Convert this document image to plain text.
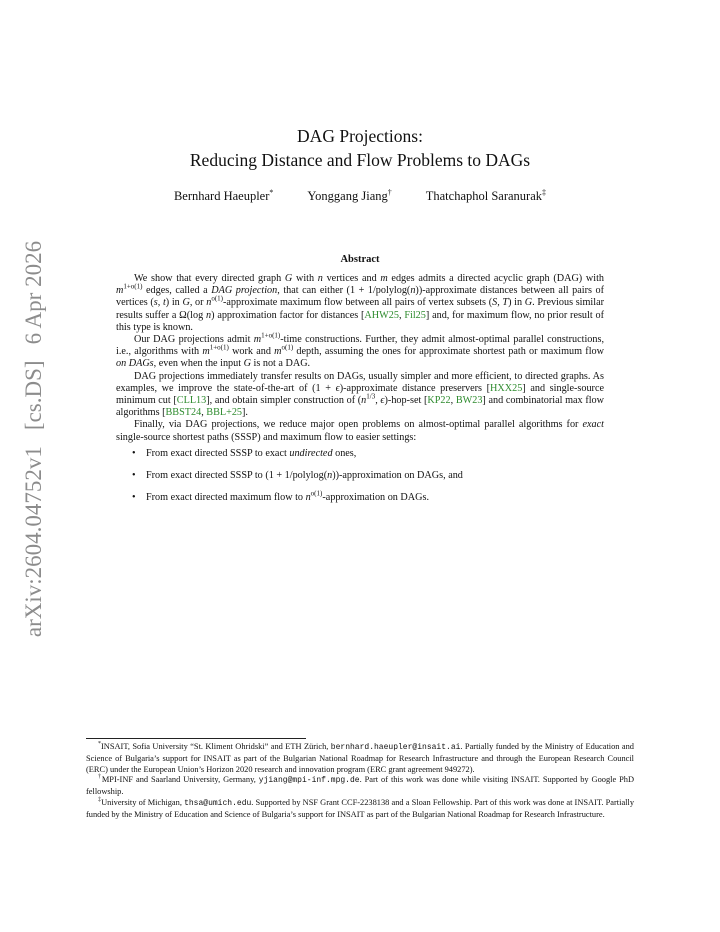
arXiv:2604.04752v1
[cs.DS]
6 Apr 2026
DAG Projections:
Reducing Distance and Flow Problems to DAGs
Bernhard Haeupler*	Yonggang Jiang†	Thatchaphol Saranurak‡
Abstract

We show that every directed graph G with n vertices and m edges admits a directed acyclic graph (DAG) with $m^{1+o(1)}$ edges, called a DAG projection, that can either (1 + 1/polylog(n))-approximate distances between all pairs of vertices (s, t) in G, or $n^{o(1)}$-approximate maximum flow between all pairs of vertex subsets (S, T) in G. Previous similar results suffer a Ω(log n) approximation factor for distances [AHW25, Fil25] and, for maximum flow, no prior result of this type is known.

Our DAG projections admit $m^{1+o(1)}$-time constructions. Further, they admit almost-optimal parallel constructions, i.e., algorithms with $m^{1+o(1)}$ work and $m^{o(1)}$ depth, assuming the ones for approximate shortest path or maximum flow on DAGs, even when the input G is not a DAG.

DAG projections immediately transfer results on DAGs, usually simpler and more efficient, to directed graphs. As examples, we improve the state-of-the-art of (1 + ϵ)-approximate distance preservers [HXX25] and single-source minimum cut [CLL13], and obtain simpler construction of ($n^{1/3}$, ϵ)-hop-set [KP22, BW23] and combinatorial max flow algorithms [BBST24, BBL+25].

Finally, via DAG projections, we reduce major open problems on almost-optimal parallel algorithms for exact single-source shortest paths (SSSP) and maximum flow to easier settings:

• From exact directed SSSP to exact undirected ones,
• From exact directed SSSP to (1 + 1/polylog(n))-approximation on DAGs, and
• From exact directed maximum flow to $n^{o(1)}$-approximation on DAGs.

*INSAIT, Sofia University “St. Kliment Ohridski” and ETH Zürich, bernhard.haeupler@insait.ai. Partially funded by the Ministry of Education and Science of Bulgaria’s support for INSAIT as part of the Bulgarian National Roadmap for Research Infrastructure and through the European Research Council (ERC) under the European Union’s Horizon 2020 research and innovation program (ERC grant agreement 949272).

†MPI-INF and Saarland University, Germany, yjiang@mpi-inf.mpg.de. Part of this work was done while visiting INSAIT. Supported by Google PhD fellowship.

‡University of Michigan, thsa@umich.edu. Supported by NSF Grant CCF-2238138 and a Sloan Fellowship. Part of this work was done at INSAIT. Partially funded by the Ministry of Education and Science of Bulgaria’s support for INSAIT as part of the Bulgarian National Roadmap for Research Infrastructure.
